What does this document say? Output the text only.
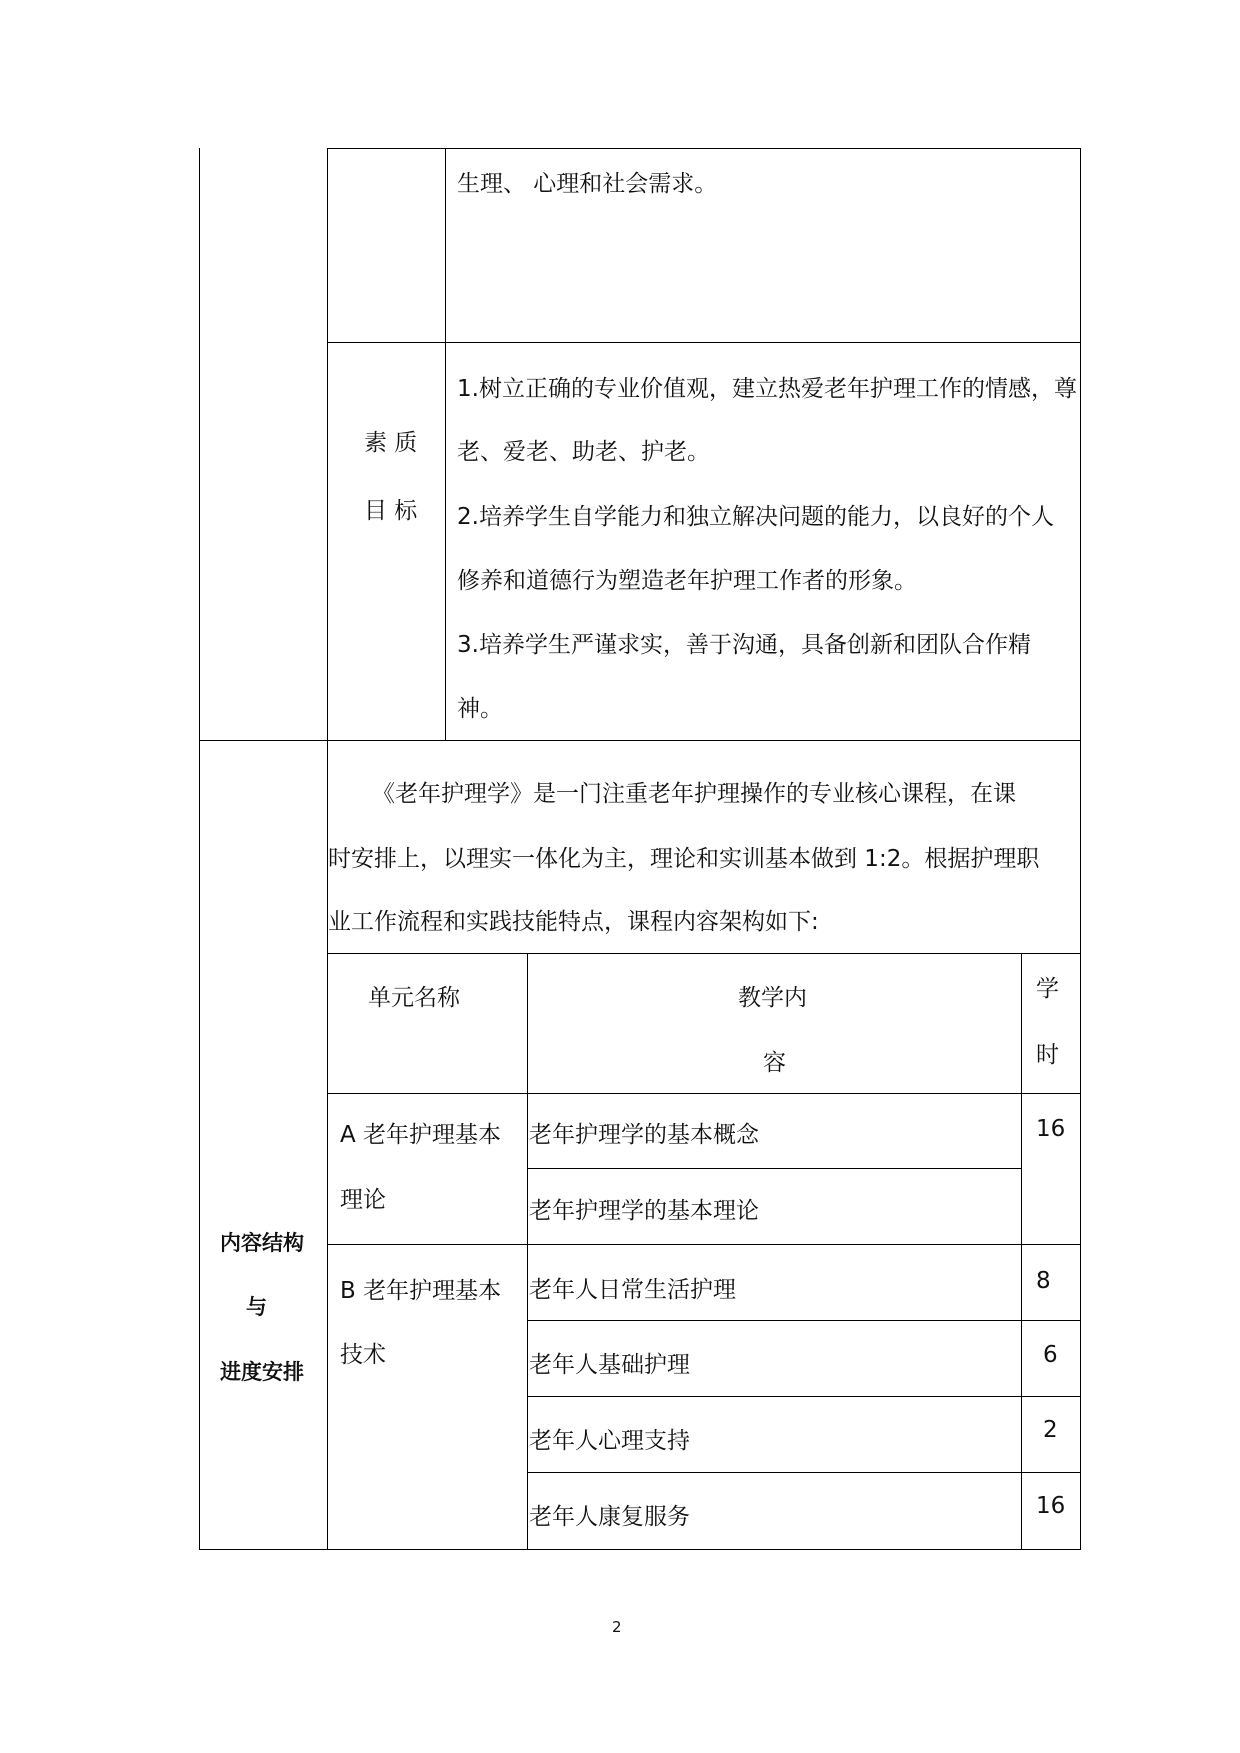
生理、 心理和社会需求。
素 质
目 标
1.树立正确的专业价值观，建立热爱老年护理工作的情感，尊
老、爱老、助老、护老。
2.培养学生自学能力和独立解决问题的能力，以良好的个人
修养和道德行为塑造老年护理工作者的形象。
3.培养学生严谨求实，善于沟通，具备创新和团队合作精
神。
内容结构
与
进度安排
《老年护理学》是一门注重老年护理操作的专业核心课程，在课
时安排上，以理实一体化为主，理论和实训基本做到 1:2。根据护理职
业工作流程和实践技能特点，课程内容架构如下:
单元名称	教学内
容
学
时
A 老年护理基本
理论
老年护理学的基本概念
老年护理学的基本理论
16
B 老年护理基本
技术
老年人日常生活护理
老年人基础护理
老年人心理支持
老年人康复服务
8
6
2
16
2
